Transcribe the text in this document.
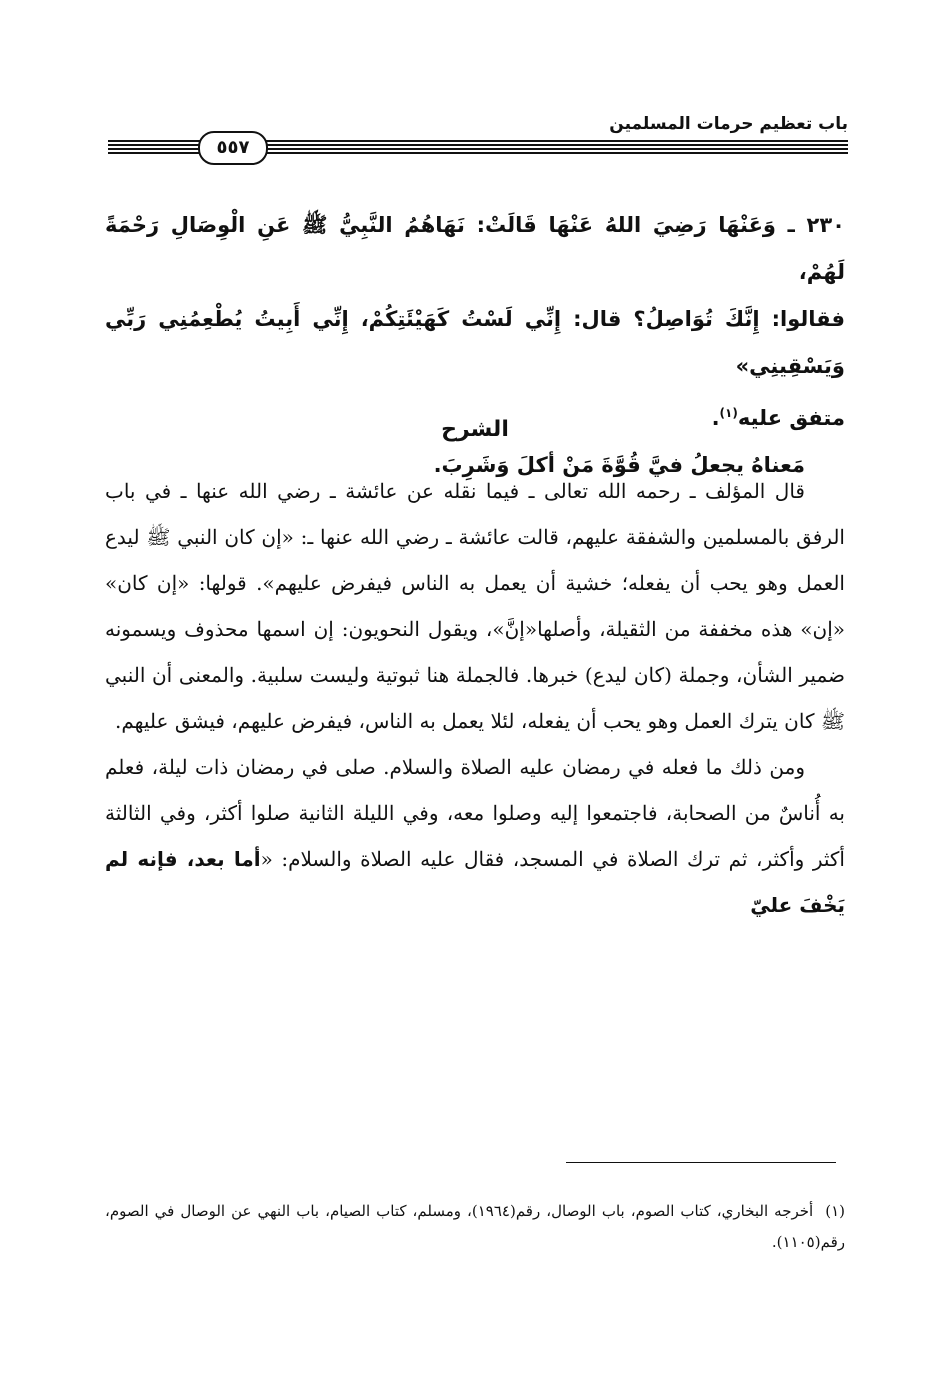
باب تعظيم حرمات المسلمين
٥٥٧

٢٣٠ ـ وَعَنْهَا رَضِيَ اللهُ عَنْهَا قَالَتْ: نَهَاهُمُ النَّبِيُّ ﷺ عَنِ الْوِصَالِ رَحْمَةً لَهُمْ،

فقالوا: إِنَّكَ تُوَاصِلُ؟ قال: إِنِّي لَسْتُ كَهَيْئَتِكُمْ، إِنِّي أَبِيتُ يُطْعِمُنِي رَبِّي وَيَسْقِينِي»

متفق عليه$^{(١)}$.

مَعناهُ يجعلُ فيَّ قُوَّةَ مَنْ أكلَ وَشَرِبَ.

الشرح

قال المؤلف ـ رحمه الله تعالى ـ فيما نقله عن عائشة ـ رضي الله عنها ـ في باب الرفق بالمسلمين والشفقة عليهم، قالت عائشة ـ رضي الله عنها ـ: «إن كان النبي ﷺ ليدع العمل وهو يحب أن يفعله؛ خشية أن يعمل به الناس فيفرض عليهم». قولها: «إن كان» «إن» هذه مخففة من الثقيلة، وأصلها«إنَّ»، ويقول النحويون: إن اسمها محذوف ويسمونه ضمير الشأن، وجملة (كان ليدع) خبرها. فالجملة هنا ثبوتية وليست سلبية. والمعنى أن النبي ﷺ كان يترك العمل وهو يحب أن يفعله، لئلا يعمل به الناس، فيفرض عليهم، فيشق عليهم.

ومن ذلك ما فعله في رمضان عليه الصلاة والسلام. صلى في رمضان ذات ليلة، فعلم به أُناسٌ من الصحابة، فاجتمعوا إليه وصلوا معه، وفي الليلة الثانية صلوا أكثر، وفي الثالثة أكثر وأكثر، ثم ترك الصلاة في المسجد، فقال عليه الصلاة والسلام: «أما بعد، فإنه لم يَخْفَ عليّ

(١)أخرجه البخاري، كتاب الصوم، باب الوصال، رقم(١٩٦٤)، ومسلم، كتاب الصيام، باب النهي عن الوصال في الصوم، رقم(١١٠٥).
